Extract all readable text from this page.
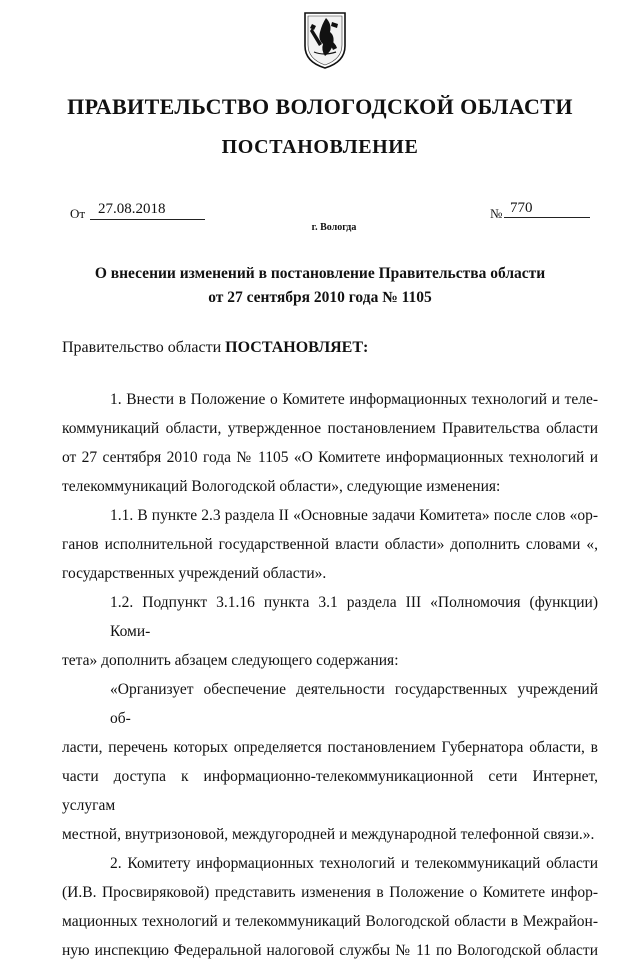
ПРАВИТЕЛЬСТВО ВОЛОГОДСКОЙ ОБЛАСТИ
ПОСТАНОВЛЕНИЕ
От 27.08.2018	№ 770
г. Вологда
О внесении изменений в постановление Правительства области
от 27 сентября 2010 года № 1105
Правительство области ПОСТАНОВЛЯЕТ:
1. Внести в Положение о Комитете информационных технологий и теле-
коммуникаций области, утвержденное постановлением Правительства области
от 27 сентября 2010 года № 1105 «О Комитете информационных технологий и
телекоммуникаций Вологодской области», следующие изменения:
1.1. В пункте 2.3 раздела II «Основные задачи Комитета» после слов «ор-
ганов исполнительной государственной власти области» дополнить словами «,
государственных учреждений области».
1.2. Подпункт 3.1.16 пункта 3.1 раздела III «Полномочия (функции) Коми-
тета» дополнить абзацем следующего содержания:
«Организует обеспечение деятельности государственных учреждений об-
ласти, перечень которых определяется постановлением Губернатора области, в
части доступа к информационно-телекоммуникационной сети Интернет, услугам
местной, внутризоновой, междугородней и международной телефонной связи.».
2. Комитету информационных технологий и телекоммуникаций области
(И.В. Просвиряковой) представить изменения в Положение о Комитете инфор-
мационных технологий и телекоммуникаций Вологодской области в Межрайон-
ную инспекцию Федеральной налоговой службы № 11 по Вологодской области
